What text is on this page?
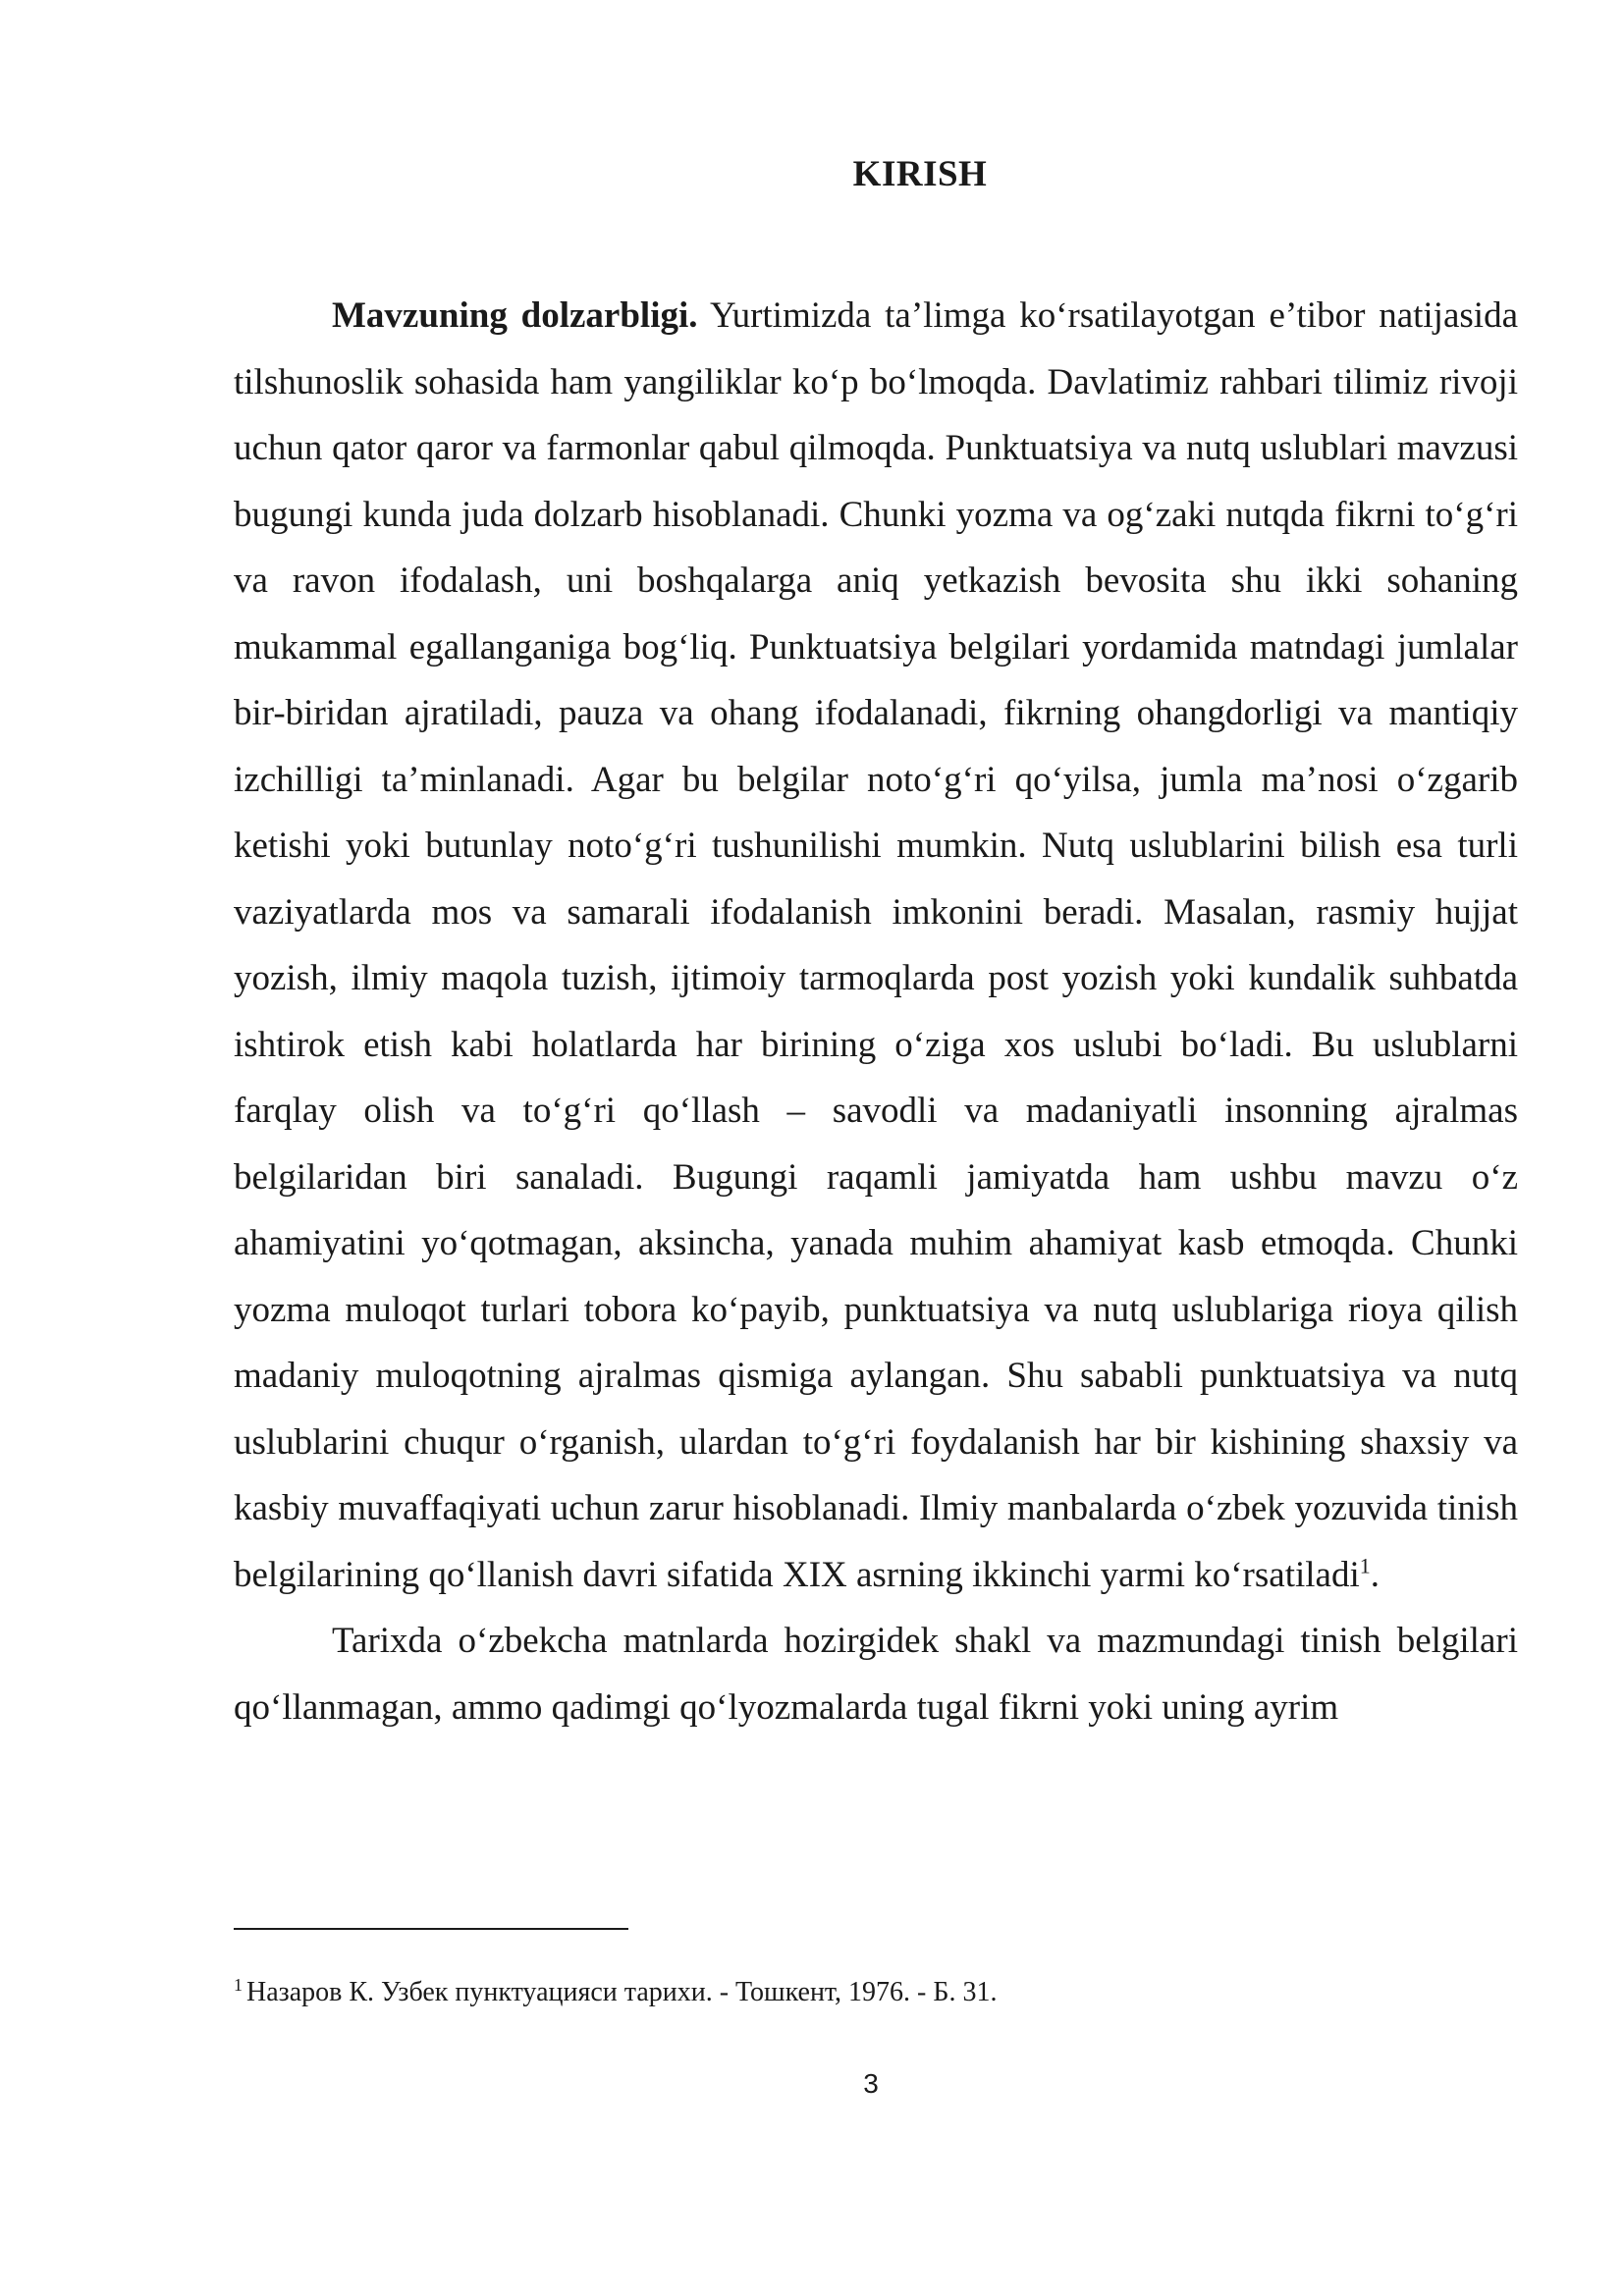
KIRISH

Mavzuning dolzarbligi. Yurtimizda ta’limga ko‘rsatilayotgan e’tibor natijasida tilshunoslik sohasida ham yangiliklar ko‘p bo‘lmoqda. Davlatimiz rahbari tilimiz rivoji uchun qator qaror va farmonlar qabul qilmoqda. Punktuatsiya va nutq uslublari mavzusi bugungi kunda juda dolzarb hisoblanadi. Chunki yozma va og‘zaki nutqda fikrni to‘g‘ri va ravon ifodalash, uni boshqalarga aniq yetkazish bevosita shu ikki sohaning mukammal egallanganiga bog‘liq. Punktuatsiya belgilari yordamida matndagi jumlalar bir-biridan ajratiladi, pauza va ohang ifodalanadi, fikrning ohangdorligi va mantiqiy izchilligi ta’minlanadi. Agar bu belgilar noto‘g‘ri qo‘yilsa, jumla ma’nosi o‘zgarib ketishi yoki butunlay noto‘g‘ri tushunilishi mumkin. Nutq uslublarini bilish esa turli vaziyatlarda mos va samarali ifodalanish imkonini beradi. Masalan, rasmiy hujjat yozish, ilmiy maqola tuzish, ijtimoiy tarmoqlarda post yozish yoki kundalik suhbatda ishtirok etish kabi holatlarda har birining o‘ziga xos uslubi bo‘ladi. Bu uslublarni farqlay olish va to‘g‘ri qo‘llash – savodli va madaniyatli insonning ajralmas belgilaridan biri sanaladi. Bugungi raqamli jamiyatda ham ushbu mavzu o‘z ahamiyatini yo‘qotmagan, aksincha, yanada muhim ahamiyat kasb etmoqda. Chunki yozma muloqot turlari tobora ko‘payib, punktuatsiya va nutq uslublariga rioya qilish madaniy muloqotning ajralmas qismiga aylangan. Shu sababli punktuatsiya va nutq uslublarini chuqur o‘rganish, ulardan to‘g‘ri foydalanish har bir kishining shaxsiy va kasbiy muvaffaqiyati uchun zarur hisoblanadi. Ilmiy manbalarda o‘zbek yozuvida tinish belgilarining qo‘llanish davri sifatida XIX asrning ikkinchi yarmi ko‘rsatiladi$^1$.

Tarixda o‘zbekcha matnlarda hozirgidek shakl va mazmundagi tinish belgilari qo‘llanmagan, ammo qadimgi qo‘lyozmalarda tugal fikrni yoki uning ayrim

$^1$ Назаров К. Узбек пунктуацияси тарихи. - Тошкент, 1976. - Б. 31.
3
